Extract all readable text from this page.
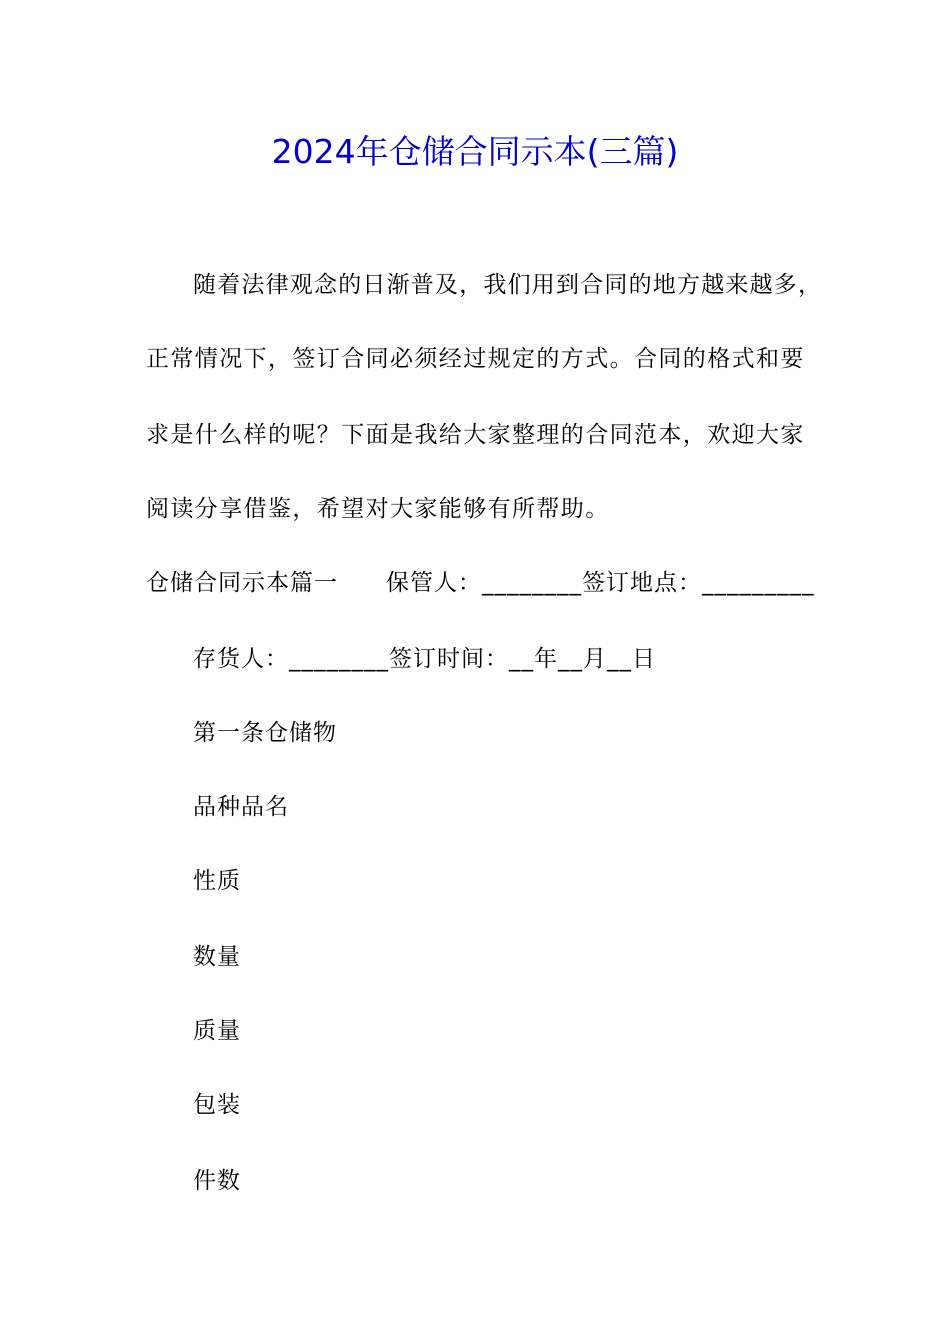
2024年仓储合同示本(三篇)
随着法律观念的日渐普及，我们用到合同的地方越来越多，
正常情况下，签订合同必须经过规定的方式。合同的格式和要
求是什么样的呢？下面是我给大家整理的合同范本，欢迎大家
阅读分享借鉴，希望对大家能够有所帮助。
仓储合同示本篇一 保管人：________签订地点：_________
存货人：________签订时间：__年__月__日
第一条仓储物
品种品名
性质
数量
质量
包装
件数
